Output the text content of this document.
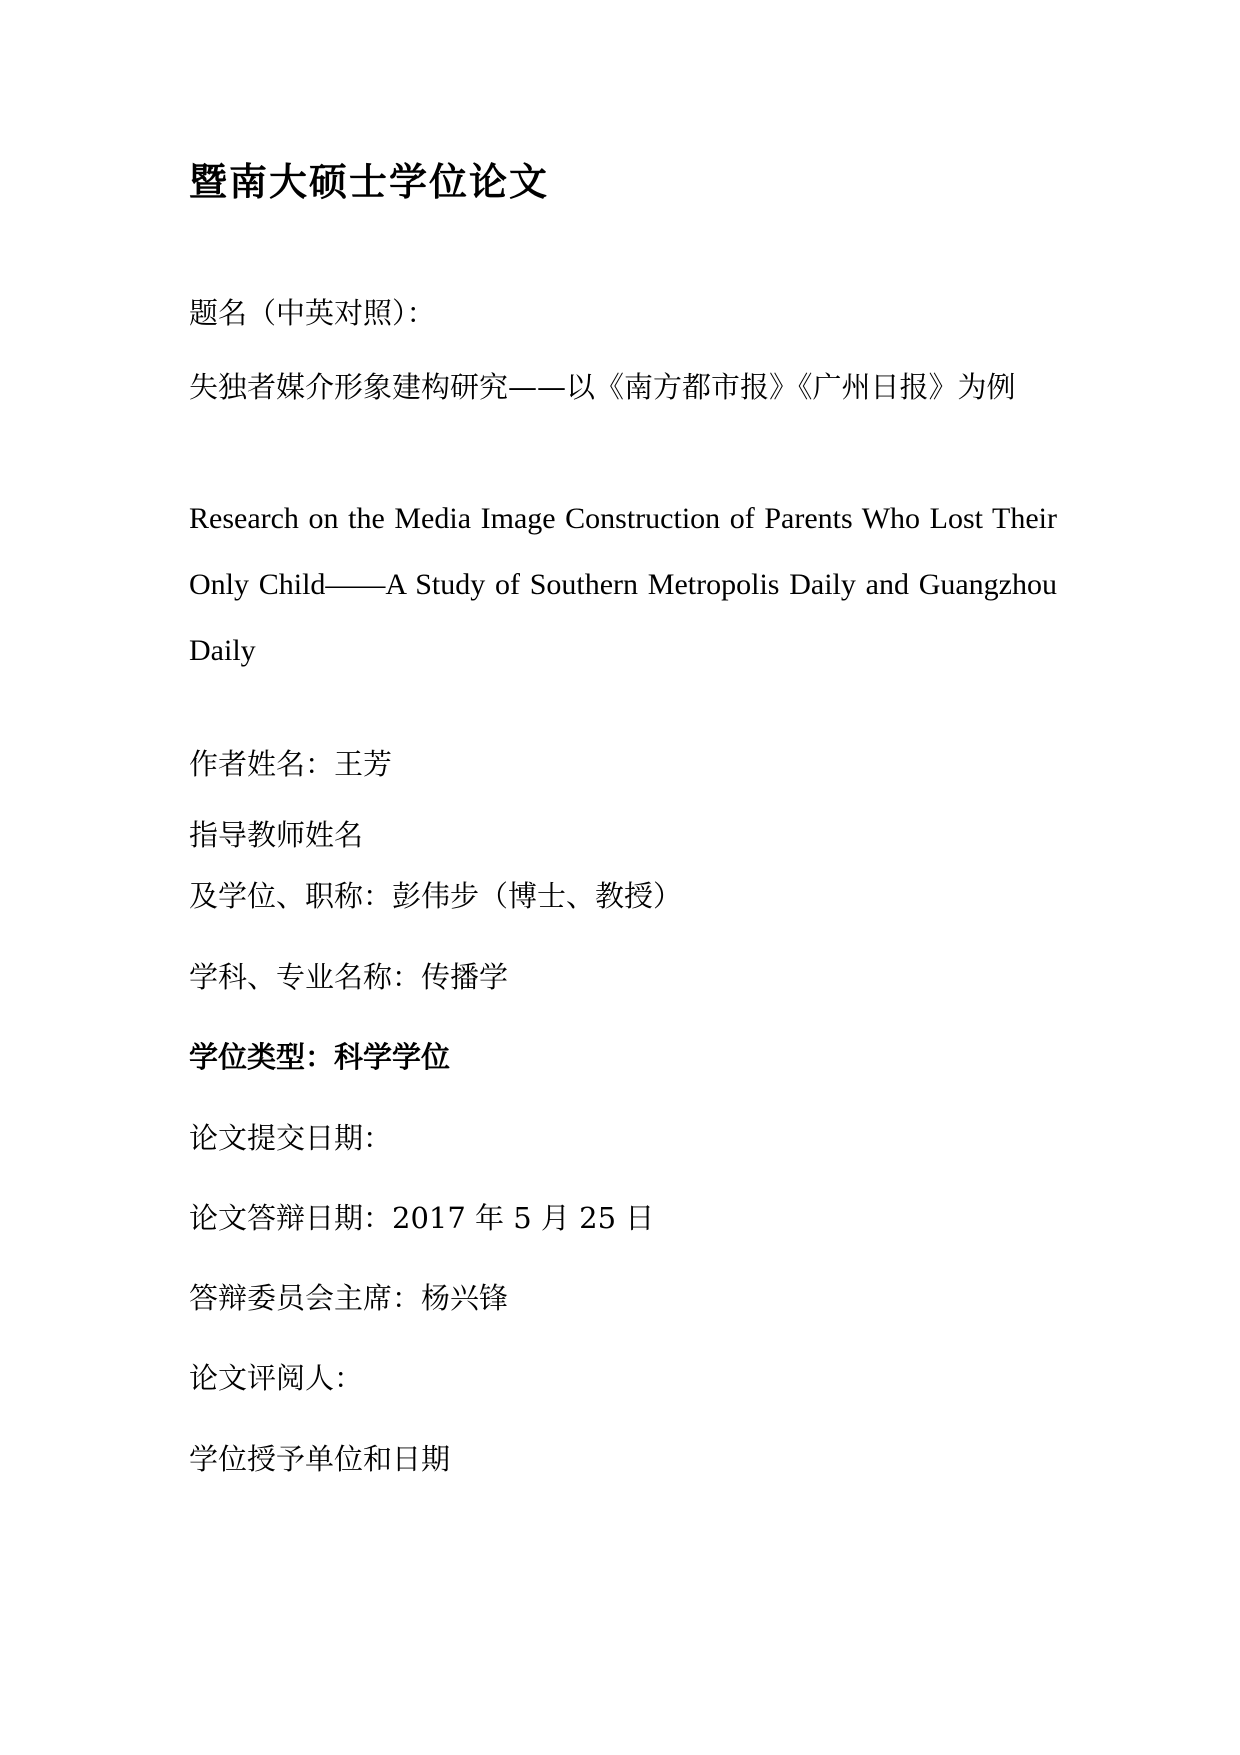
暨南大硕士学位论文
题名（中英对照）：
失独者媒介形象建构研究——以《南方都市报》《广州日报》为例
Research on the Media Image Construction of Parents Who Lost Their Only Child——A Study of Southern Metropolis Daily and Guangzhou Daily
作者姓名：王芳
指导教师姓名
及学位、职称：彭伟步（博士、教授）
学科、专业名称：传播学
学位类型：科学学位
论文提交日期：
论文答辩日期：2017 年 5 月 25 日
答辩委员会主席：杨兴锋
论文评阅人：
学位授予单位和日期
